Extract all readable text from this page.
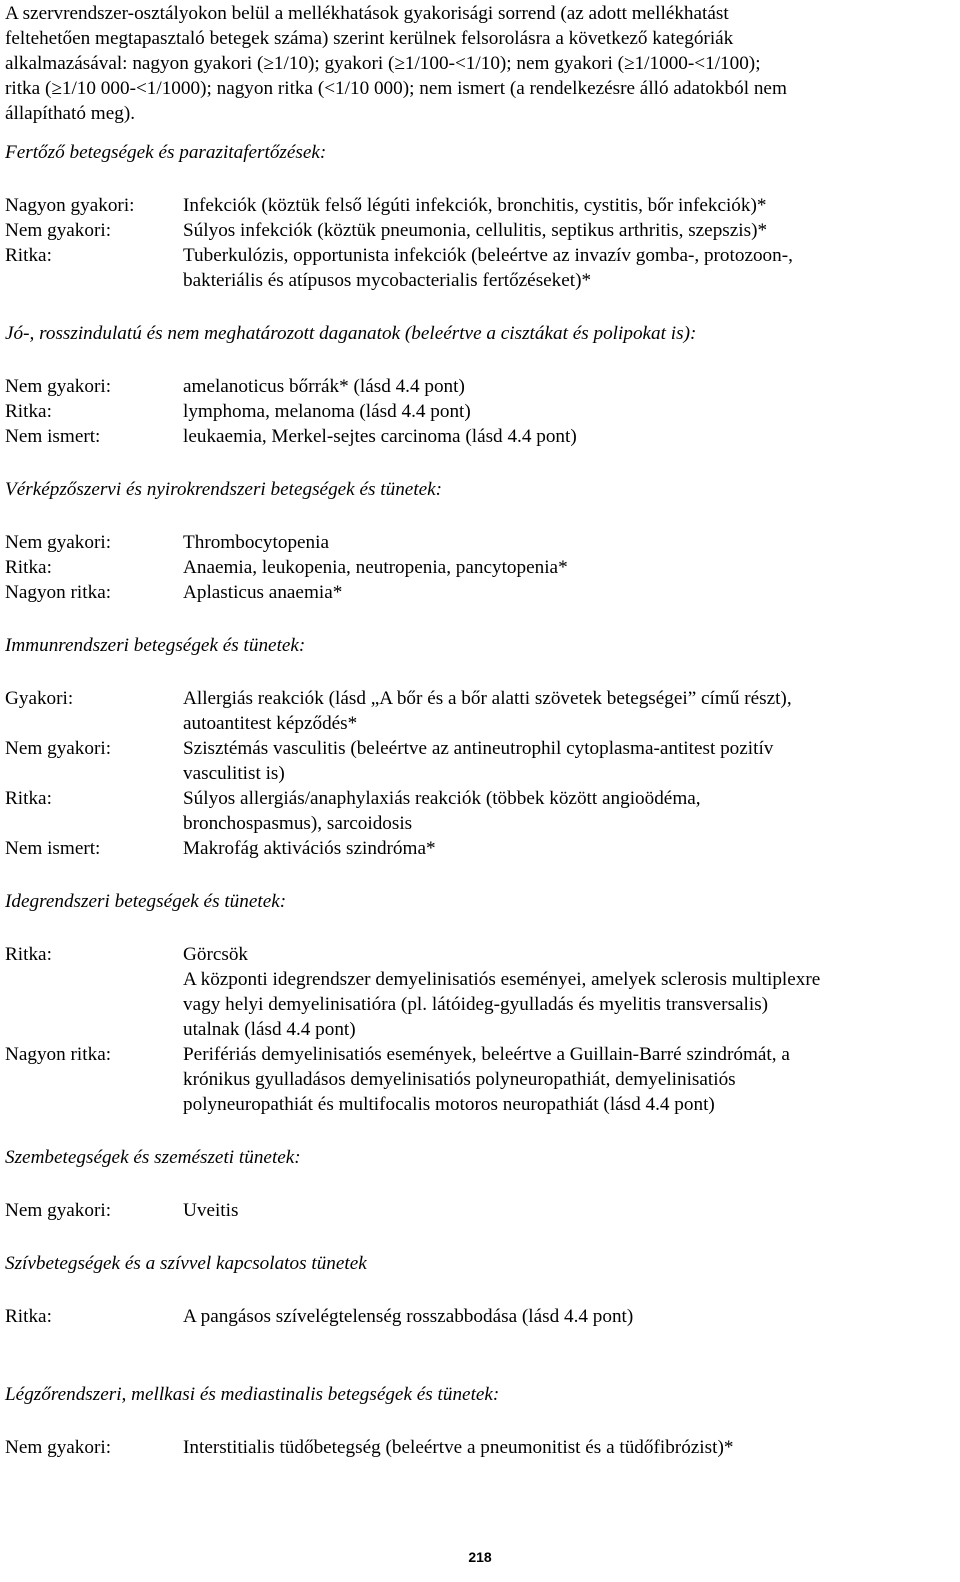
A szervrendszer-osztályokon belül a mellékhatások gyakorisági sorrend (az adott mellékhatást
feltehetően megtapasztaló betegek száma) szerint kerülnek felsorolásra a következő kategóriák
alkalmazásával: nagyon gyakori (≥1/10); gyakori (≥1/100-<1/10); nem gyakori (≥1/1000-<1/100);
ritka (≥1/10 000-<1/1000); nagyon ritka (<1/10 000); nem ismert (a rendelkezésre álló adatokból nem
állapítható meg).

Fertőző betegségek és parazitafertőzések:
Nagyon gyakori:	Infekciók (köztük felső légúti infekciók, bronchitis, cystitis, bőr infekciók)*
Nem gyakori:	Súlyos infekciók (köztük pneumonia, cellulitis, septikus arthritis, szepszis)*
Ritka:	Tuberkulózis, opportunista infekciók (beleértve az invazív gomba-, protozoon-,
bakteriális és atípusos mycobacterialis fertőzéseket)*
Jó-, rosszindulatú és nem meghatározott daganatok (beleértve a cisztákat és polipokat is):
Nem gyakori:	amelanoticus bőrrák* (lásd 4.4 pont)
Ritka:	lymphoma, melanoma (lásd 4.4 pont)
Nem ismert:	leukaemia, Merkel-sejtes carcinoma (lásd 4.4 pont)
Vérképzőszervi és nyirokrendszeri betegségek és tünetek:
Nem gyakori:	Thrombocytopenia
Ritka:	Anaemia, leukopenia, neutropenia, pancytopenia*
Nagyon ritka:	Aplasticus anaemia*
Immunrendszeri betegségek és tünetek:
Gyakori:	Allergiás reakciók (lásd „A bőr és a bőr alatti szövetek betegségei” című részt),
autoantitest képződés*
Nem gyakori:	Szisztémás vasculitis (beleértve az antineutrophil cytoplasma-antitest pozitív
vasculitist is)
Ritka:	Súlyos allergiás/anaphylaxiás reakciók (többek között angioödéma,
bronchospasmus), sarcoidosis
Nem ismert:	Makrofág aktivációs szindróma*
Idegrendszeri betegségek és tünetek:
Ritka:	Görcsök
A központi idegrendszer demyelinisatiós eseményei, amelyek sclerosis multiplexre
vagy helyi demyelinisatióra (pl. látóideg-gyulladás és myelitis transversalis)
utalnak (lásd 4.4 pont)
Nagyon ritka:	Perifériás demyelinisatiós események, beleértve a Guillain-Barré szindrómát, a
krónikus gyulladásos demyelinisatiós polyneuropathiát, demyelinisatiós
polyneuropathiát és multifocalis motoros neuropathiát (lásd 4.4 pont)
Szembetegségek és szemészeti tünetek:
Nem gyakori:	Uveitis
Szívbetegségek és a szívvel kapcsolatos tünetek
Ritka:	A pangásos szívelégtelenség rosszabbodása (lásd 4.4 pont)
Légzőrendszeri, mellkasi és mediastinalis betegségek és tünetek:
Nem gyakori:	Interstitialis tüdőbetegség (beleértve a pneumonitist és a tüdőfibrózist)*
218
